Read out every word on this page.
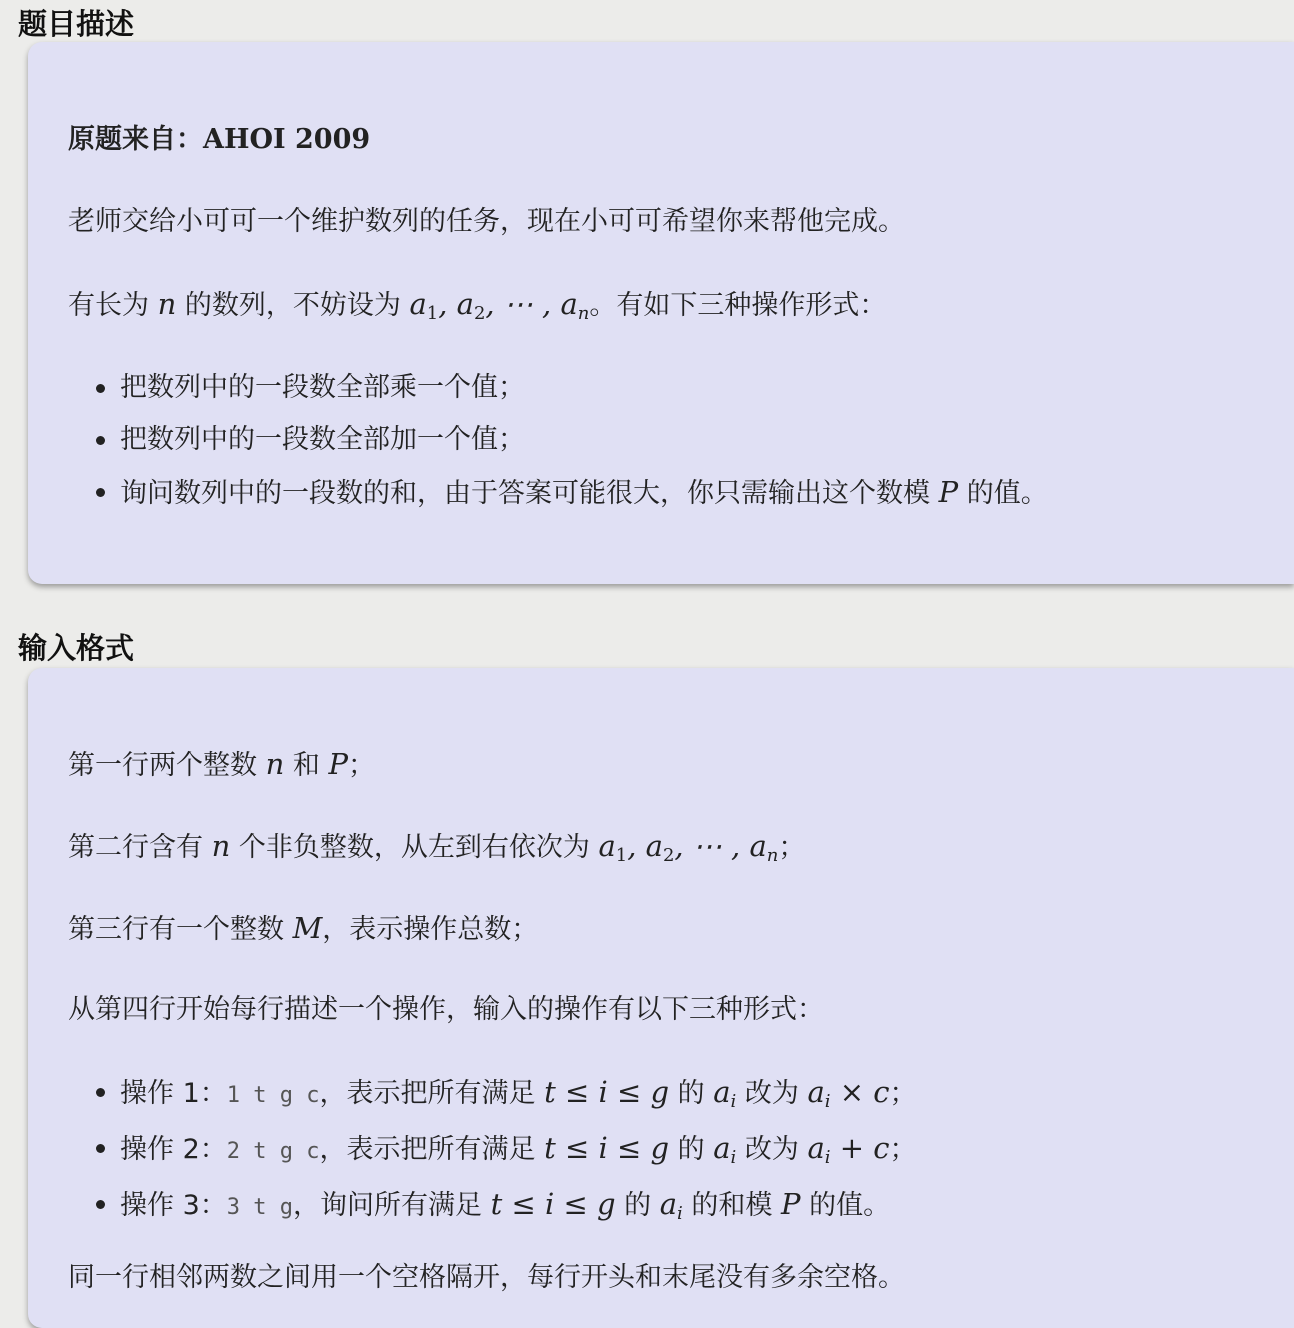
题目描述

原题来自：AHOI 2009

老师交给小可可一个维护数列的任务，现在小可可希望你来帮他完成。

有长为 n 的数列，不妨设为 $a_1$, $a_2$, ⋯ , $a_n$。有如下三种操作形式：

把数列中的一段数全部乘一个值；
把数列中的一段数全部加一个值；
询问数列中的一段数的和，由于答案可能很大，你只需输出这个数模 P 的值。
输入格式

第一行两个整数 n 和 P；

第二行含有 n 个非负整数，从左到右依次为 $a_1$, $a_2$, ⋯ , $a_n$；

第三行有一个整数 M，表示操作总数；

从第四行开始每行描述一个操作，输入的操作有以下三种形式：

操作 1：1 t g c，表示把所有满足 t ≤ i ≤ g 的 $a_i$ 改为 $a_i \times c$；
操作 2：2 t g c，表示把所有满足 t ≤ i ≤ g 的 $a_i$ 改为 $a_i + c$；
操作 3：3 t g，询问所有满足 t ≤ i ≤ g 的 $a_i$ 的和模 P 的值。

同一行相邻两数之间用一个空格隔开，每行开头和末尾没有多余空格。
